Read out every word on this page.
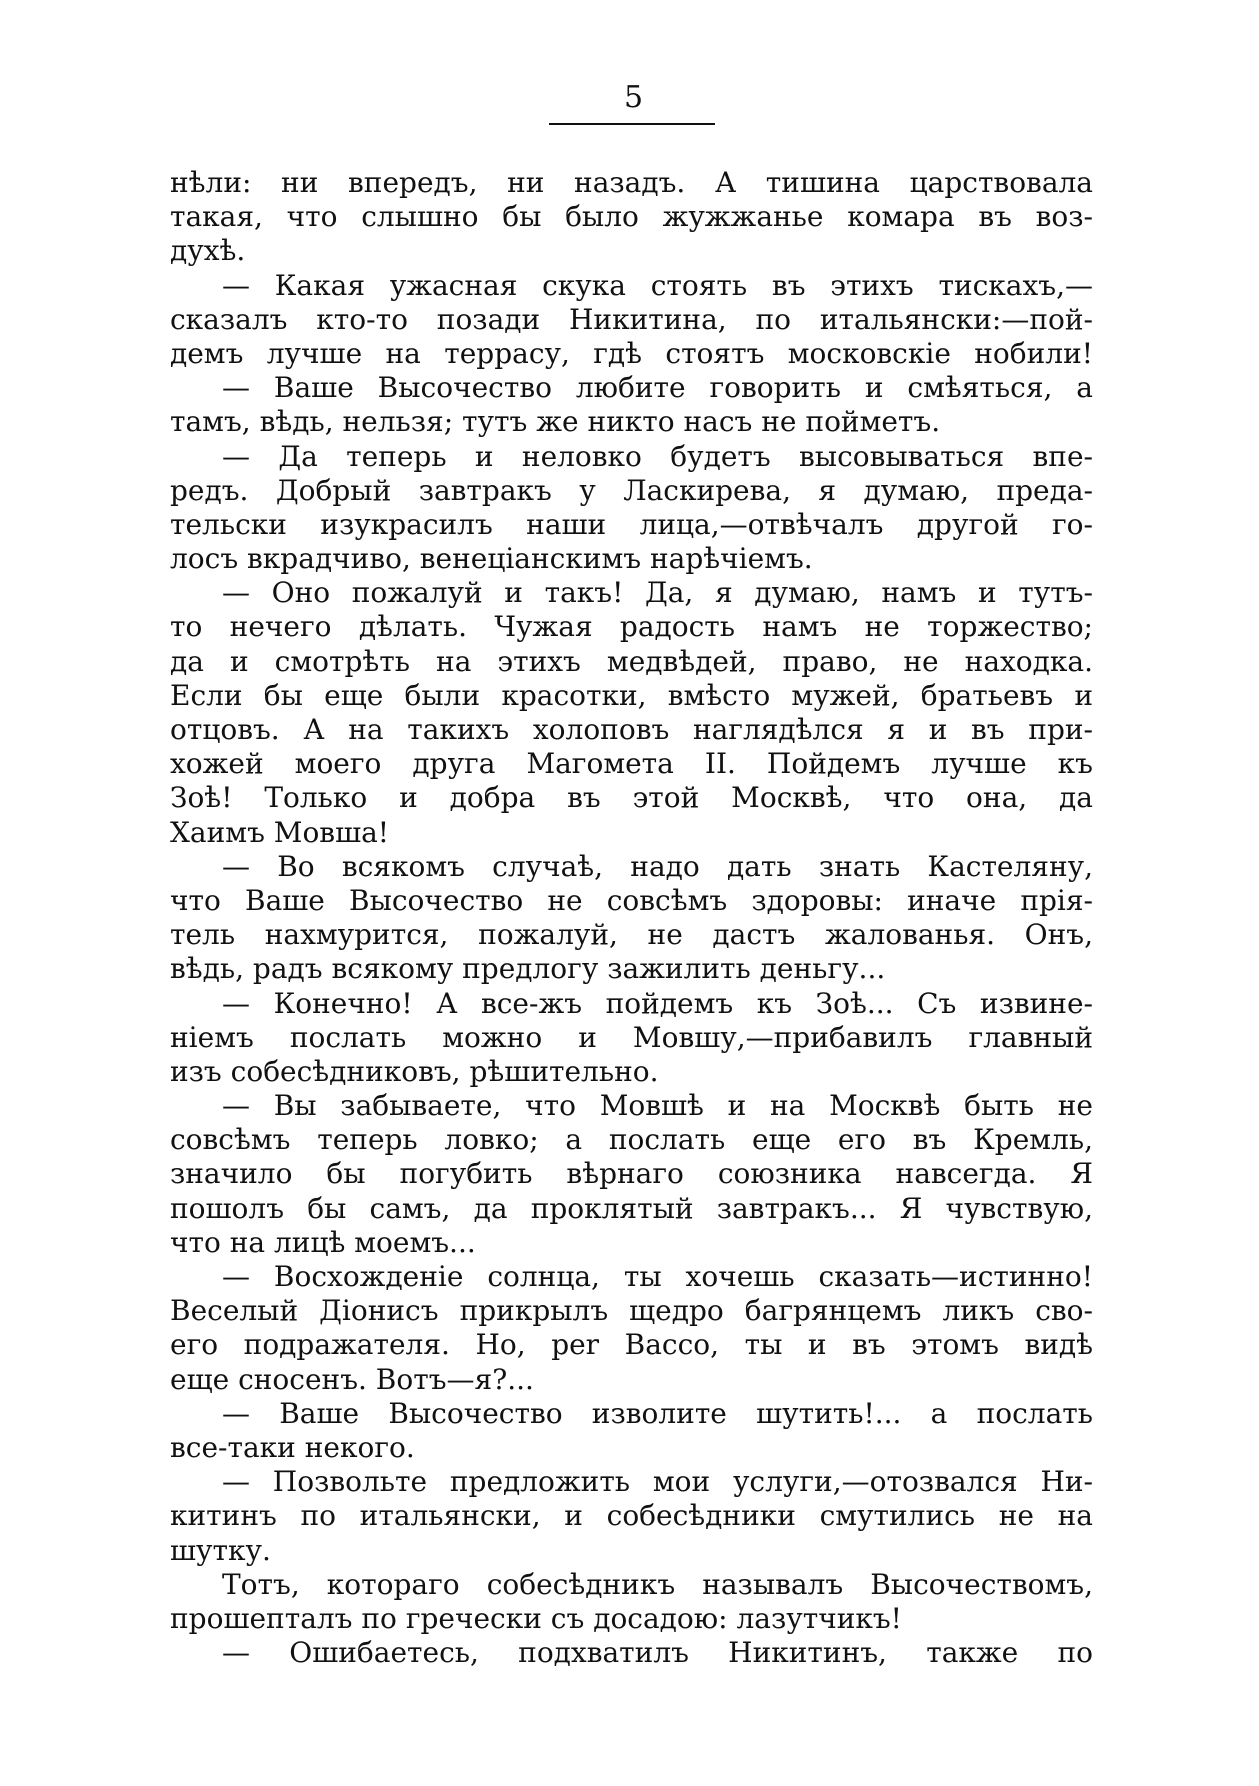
5
нѣли: ни впередъ, ни назадъ. А тишина царствовала
такая, что слышно бы было жужжанье комара въ воз-
духѣ.
— Какая ужасная скука стоять въ этихъ тискахъ,—
сказалъ кто-то позади Никитина, по итальянски:—пой-
демъ лучше на террасу, гдѣ стоятъ московскіе нобили!
— Ваше Высочество любите говорить и смѣяться, а
тамъ, вѣдь, нельзя; тутъ же никто насъ не пойметъ.
— Да теперь и неловко будетъ высовываться впе-
редъ. Добрый завтракъ у Ласкирева, я думаю, преда-
тельски изукрасилъ наши лица,—отвѣчалъ другой го-
лосъ вкрадчиво, венеціанскимъ нарѣчіемъ.
— Оно пожалуй и такъ! Да, я думаю, намъ и тутъ-
то нечего дѣлать. Чужая радость намъ не торжество;
да и смотрѣть на этихъ медвѣдей, право, не находка.
Если бы еще были красотки, вмѣсто мужей, братьевъ и
отцовъ. А на такихъ холоповъ наглядѣлся я и въ при-
хожей моего друга Магомета II. Пойдемъ лучше къ
Зоѣ! Только и добра въ этой Москвѣ, что она, да
Хаимъ Мовша!
— Во всякомъ случаѣ, надо дать знать Кастеляну,
что Ваше Высочество не совсѣмъ здоровы: иначе прія-
тель нахмурится, пожалуй, не дастъ жалованья. Онъ,
вѣдь, радъ всякому предлогу зажилить деньгу...
— Конечно! А все-жъ пойдемъ къ Зоѣ... Съ извине-
ніемъ послать можно и Мовшу,—прибавилъ главный
изъ собесѣдниковъ, рѣшительно.
— Вы забываете, что Мовшѣ и на Москвѣ быть не
совсѣмъ теперь ловко; а послать еще его въ Кремль,
значило бы погубить вѣрнаго союзника навсегда. Я
пошолъ бы самъ, да проклятый завтракъ... Я чувствую,
что на лицѣ моемъ...
— Восхожденіе солнца, ты хочешь сказать—истинно!
Веселый Діонисъ прикрылъ щедро багрянцемъ ликъ сво-
его подражателя. Но, per Вассо, ты и въ этомъ видѣ
еще сносенъ. Вотъ—я?...
— Ваше Высочество изволите шутить!... а послать
все-таки некого.
— Позвольте предложить мои услуги,—отозвался Ни-
китинъ по итальянски, и собесѣдники смутились не на
шутку.
Тотъ, котораго собесѣдникъ называлъ Высочествомъ,
прошепталъ по гречески съ досадою: лазутчикъ!
— Ошибаетесь, подхватилъ Никитинъ, также по
